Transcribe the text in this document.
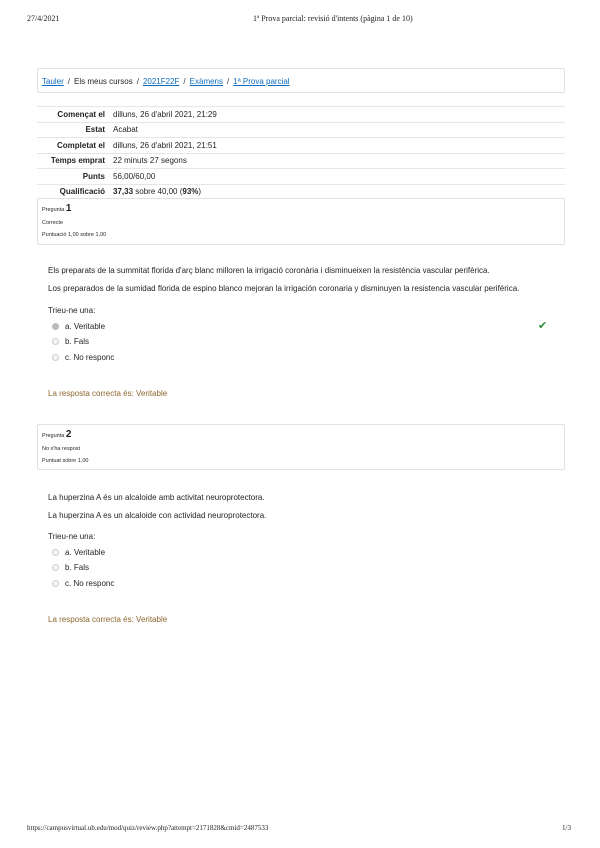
27/4/2021	1ª Prova parcial: revisió d'intents (pàgina 1 de 10)
Tauler / Els meus cursos / 2021F22F / Exàmens / 1ª Prova parcial
Començat el	dilluns, 26 d'abril 2021, 21:29
Estat	Acabat
Completat el	dilluns, 26 d'abril 2021, 21:51
Temps emprat	22 minuts 27 segons
Punts	56,00/60,00
Qualificació	37,33 sobre 40,00 (93%)
Pregunta 1
Correcte
Puntuació 1,00 sobre 1,00
Els preparats de la summitat florida d'arç blanc milloren la irrigació coronària i disminueixen la resistència vascular perifèrica.
Los preparados de la sumidad florida de espino blanco mejoran la irrigación coronaria y disminuyen la resistencia vascular periférica.
Trieu-ne una:
a. Veritable	✔
b. Fals
c. No responc
La resposta correcta és: Veritable
Pregunta 2
No s'ha respost
Puntuat sobre 1,00
La huperzina A és un alcaloide amb activitat neuroprotectora.
La huperzina A es un alcaloide con actividad neuroprotectora.
Trieu-ne una:
a. Veritable
b. Fals
c. No responc
La resposta correcta és: Veritable
https://campusvirtual.ub.edu/mod/quiz/review.php?attempt=2171828&cmid=2487533	1/3
